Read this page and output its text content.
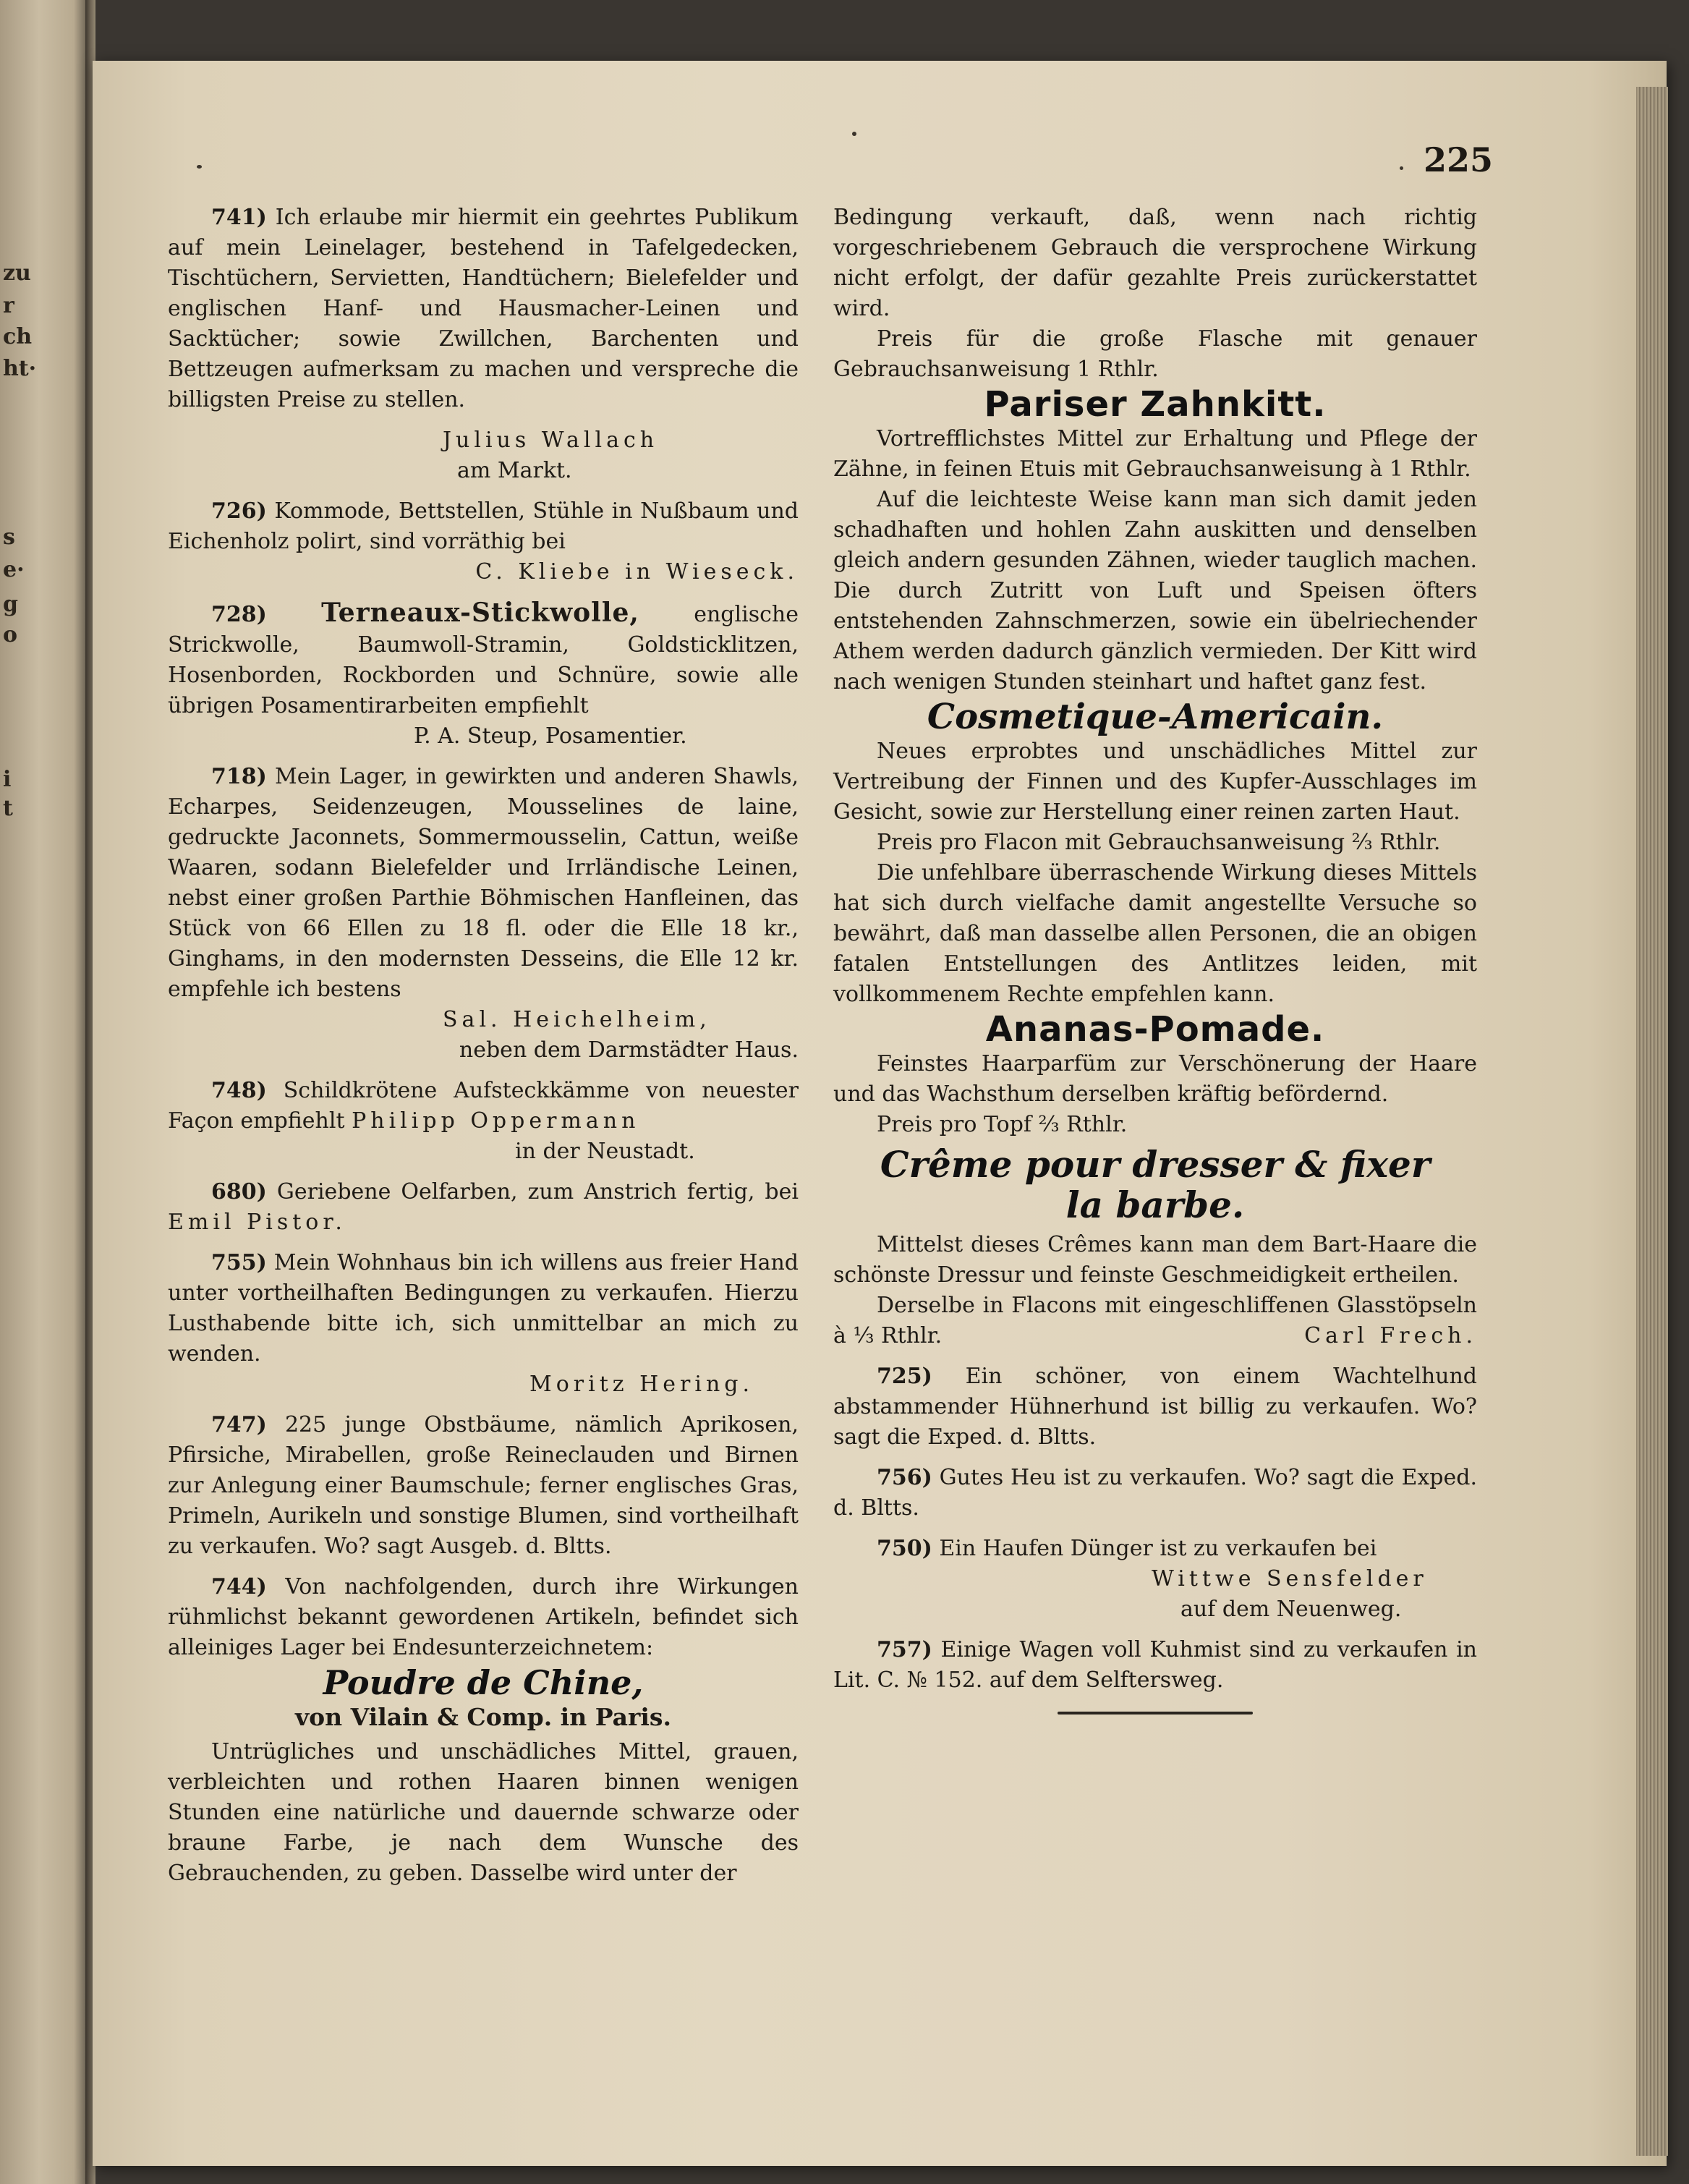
zu
r
ch
ht·
s
e·
g
o
i
t
225

741) Ich erlaube mir hiermit ein geehrtes Publikum auf mein Leinelager, bestehend in Tafelgedecken, Tischtüchern, Servietten, Handtüchern; Bielefelder und englischen Hanf- und Hausmacher-Leinen und Sacktücher; sowie Zwillchen, Barchenten und Bettzeugen aufmerksam zu machen und verspreche die billigsten Preise zu stellen.

Julius Wallach

am Markt.

726) Kommode, Bettstellen, Stühle in Nußbaum und Eichenholz polirt, sind vorräthig bei

C. Kliebe in Wieseck.

728) Terneaux-Stickwolle,	englische Strickwolle, Baumwoll-Stramin, Goldsticklitzen, Hosenborden, Rockborden und Schnüre, sowie alle übrigen Posamentirarbeiten empfiehlt

P. A. Steup, Posamentier.

718) Mein Lager, in gewirkten und anderen Shawls, Echarpes, Seidenzeugen, Mousselines de laine, gedruckte Jaconnets, Sommermousselin, Cattun, weiße Waaren, sodann Bielefelder und Irrländische Leinen, nebst einer großen Parthie Böhmischen Hanfleinen, das Stück von 66 Ellen zu 18 fl. oder die Elle 18 kr., Ginghams, in den modernsten Desseins, die Elle 12 kr. empfehle ich bestens

Sal. Heichelheim,

neben dem Darmstädter Haus.

748) Schildkrötene Aufsteckkämme von neuester Façon empfiehlt Philipp Oppermann

in der Neustadt.

680) Geriebene Oelfarben, zum Anstrich fertig, bei Emil Pistor.

755) Mein Wohnhaus bin ich willens aus freier Hand unter vortheilhaften Bedingungen zu verkaufen. Hierzu Lusthabende bitte ich, sich unmittelbar an mich zu wenden.

Moritz Hering.

747) 225 junge Obstbäume, nämlich Aprikosen, Pfirsiche, Mirabellen, große Reineclauden und Birnen zur Anlegung einer Baumschule; ferner englisches Gras, Primeln, Aurikeln und sonstige Blumen, sind vortheilhaft zu verkaufen. Wo? sagt Ausgeb. d. Bltts.

744) Von nachfolgenden, durch ihre Wirkungen rühmlichst bekannt gewordenen Artikeln, befindet sich alleiniges Lager bei Endesunterzeichnetem:

Poudre de Chine,
von Vilain & Comp. in Paris.

Untrügliches und unschädliches Mittel, grauen, verbleichten und rothen Haaren binnen wenigen Stunden eine natürliche und dauernde schwarze oder braune Farbe, je nach dem Wunsche des Gebrauchenden, zu geben. Dasselbe wird unter der

Bedingung verkauft, daß, wenn nach richtig vorgeschriebenem Gebrauch die versprochene Wirkung nicht erfolgt, der dafür gezahlte Preis zurückerstattet wird.

Preis für die große Flasche mit genauer Gebrauchsanweisung 1 Rthlr.

Pariser Zahnkitt.

Vortrefflichstes Mittel zur Erhaltung und Pflege der Zähne, in feinen Etuis mit Gebrauchsanweisung à 1 Rthlr.

Auf die leichteste Weise kann man sich damit jeden schadhaften und hohlen Zahn auskitten und denselben gleich andern gesunden Zähnen, wieder tauglich machen. Die durch Zutritt von Luft und Speisen öfters entstehenden Zahnschmerzen, sowie ein übelriechender Athem werden dadurch gänzlich vermieden. Der Kitt wird nach wenigen Stunden steinhart und haftet ganz fest.

Cosmetique-Americain.

Neues erprobtes und unschädliches Mittel zur Vertreibung der Finnen und des Kupfer-Ausschlages im Gesicht, sowie zur Herstellung einer reinen zarten Haut.

Preis pro Flacon mit Gebrauchsanweisung ⅔ Rthlr.

Die unfehlbare überraschende Wirkung dieses Mittels hat sich durch vielfache damit angestellte Versuche so bewährt, daß man dasselbe allen Personen, die an obigen fatalen Entstellungen des Antlitzes leiden, mit vollkommenem Rechte empfehlen kann.

Ananas-Pomade.

Feinstes Haarparfüm zur Verschönerung der Haare und das Wachsthum derselben kräftig befördernd.

Preis pro Topf ⅔ Rthlr.

Crême pour dresser & fixer
la barbe.

Mittelst dieses Crêmes kann man dem Bart-Haare die schönste Dressur und feinste Geschmeidigkeit ertheilen.

Derselbe in Flacons mit eingeschliffenen Glasstöpseln à ⅓ Rthlr.	Carl Frech.

725) Ein schöner, von einem Wachtelhund abstammender Hühnerhund ist billig zu verkaufen. Wo? sagt die Exped. d. Bltts.

756) Gutes Heu ist zu verkaufen. Wo? sagt die Exped. d. Bltts.

750) Ein Haufen Dünger ist zu verkaufen bei

Wittwe Sensfelder

auf dem Neuenweg.

757) Einige Wagen voll Kuhmist sind zu verkaufen in Lit. C. № 152. auf dem Selftersweg.
